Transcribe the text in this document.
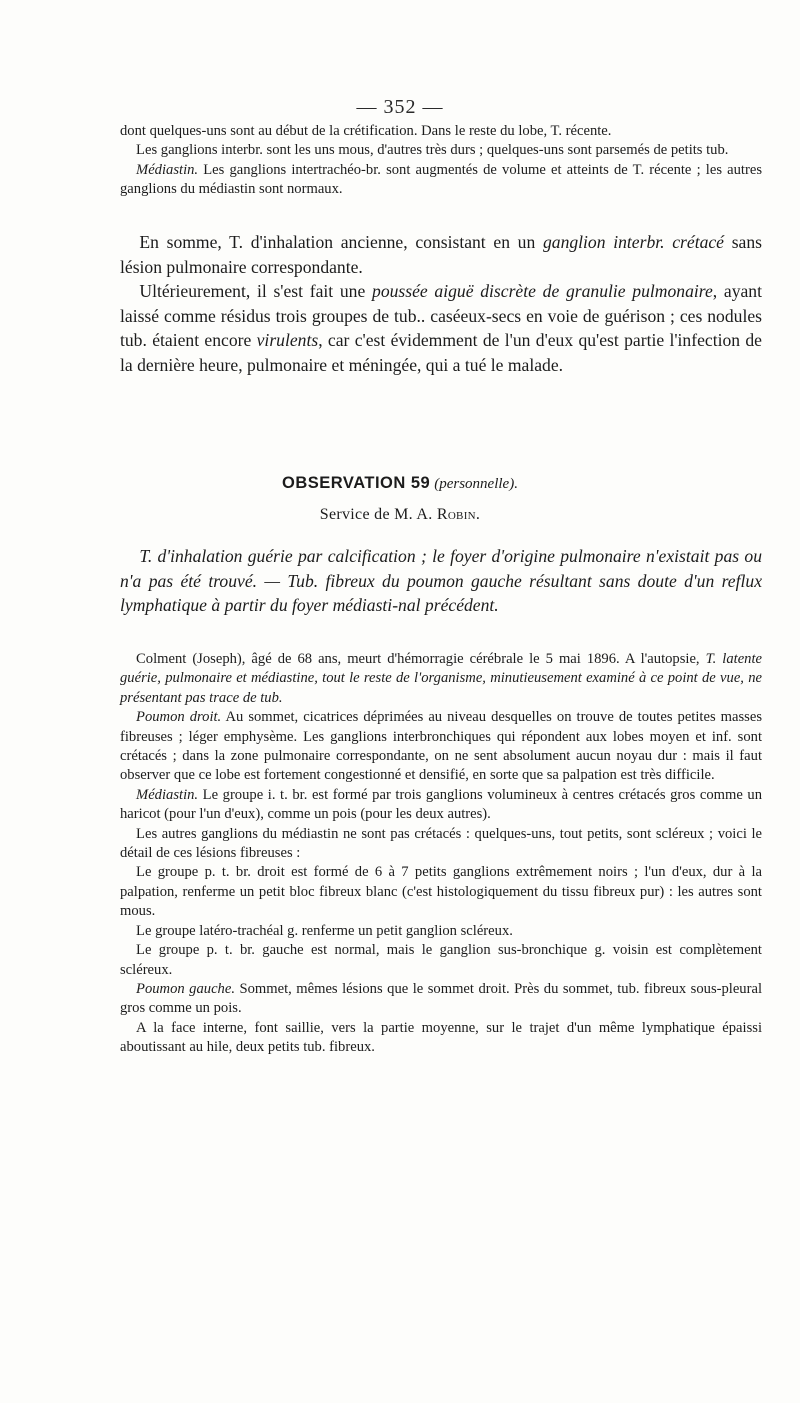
— 352 —

dont quelques-uns sont au début de la crétification. Dans le reste du lobe, T. récente.

Les ganglions interbr. sont les uns mous, d'autres très durs ; quelques-uns sont parsemés de petits tub.

Médiastin. Les ganglions intertrachéo-br. sont augmentés de volume et atteints de T. récente ; les autres ganglions du médiastin sont normaux.

En somme, T. d'inhalation ancienne, consistant en un ganglion interbr. crétacé sans lésion pulmonaire correspondante.

Ultérieurement, il s'est fait une poussée aiguë discrète de granulie pulmonaire, ayant laissé comme résidus trois groupes de tub.. caséeux-secs en voie de guérison ; ces nodules tub. étaient encore virulents, car c'est évidemment de l'un d'eux qu'est partie l'infection de la dernière heure, pulmonaire et méningée, qui a tué le malade.

OBSERVATION 59 (personnelle).
Service de M. A. Robin.

T. d'inhalation guérie par calcification ; le foyer d'origine pulmonaire n'existait pas ou n'a pas été trouvé. — Tub. fibreux du poumon gauche résultant sans doute d'un reflux lymphatique à partir du foyer médiasti-nal précédent.

Colment (Joseph), âgé de 68 ans, meurt d'hémorragie cérébrale le 5 mai 1896. A l'autopsie, T. latente guérie, pulmonaire et médiastine, tout le reste de l'organisme, minutieusement examiné à ce point de vue, ne présentant pas trace de tub.

Poumon droit. Au sommet, cicatrices déprimées au niveau desquelles on trouve de toutes petites masses fibreuses ; léger emphysème. Les ganglions interbronchiques qui répondent aux lobes moyen et inf. sont crétacés ; dans la zone pulmonaire correspondante, on ne sent absolument aucun noyau dur : mais il faut observer que ce lobe est fortement congestionné et densifié, en sorte que sa palpation est très difficile.

Médiastin. Le groupe i. t. br. est formé par trois ganglions volumineux à centres crétacés gros comme un haricot (pour l'un d'eux), comme un pois (pour les deux autres).

Les autres ganglions du médiastin ne sont pas crétacés : quelques-uns, tout petits, sont scléreux ; voici le détail de ces lésions fibreuses :

Le groupe p. t. br. droit est formé de 6 à 7 petits ganglions extrêmement noirs ; l'un d'eux, dur à la palpation, renferme un petit bloc fibreux blanc (c'est histologiquement du tissu fibreux pur) : les autres sont mous.

Le groupe latéro-trachéal g. renferme un petit ganglion scléreux.

Le groupe p. t. br. gauche est normal, mais le ganglion sus-bronchique g. voisin est complètement scléreux.

Poumon gauche. Sommet, mêmes lésions que le sommet droit. Près du sommet, tub. fibreux sous-pleural gros comme un pois.

A la face interne, font saillie, vers la partie moyenne, sur le trajet d'un même lymphatique épaissi aboutissant au hile, deux petits tub. fibreux.
